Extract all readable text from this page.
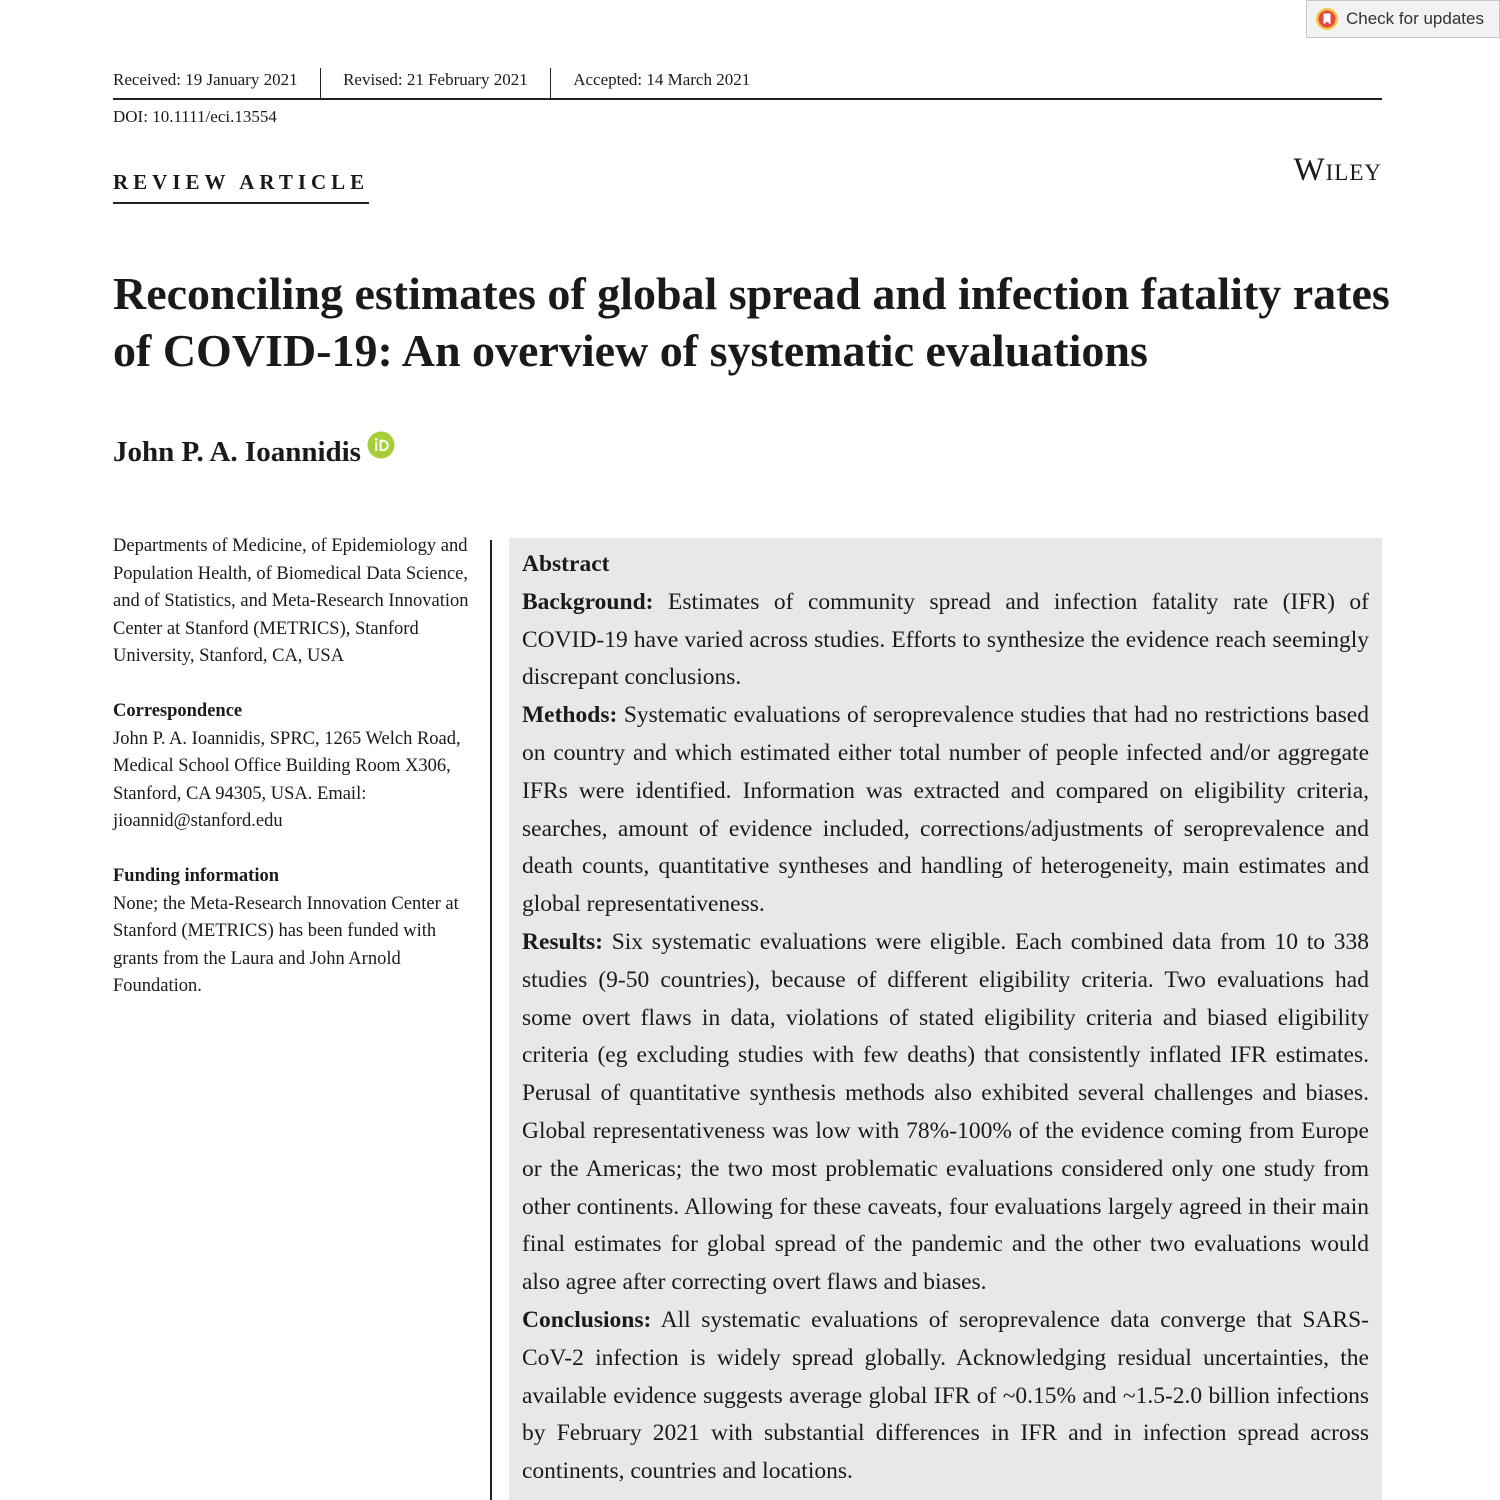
Check for updates
Received: 19 January 2021	Revised: 21 February 2021	Accepted: 14 March 2021
DOI: 10.1111/eci.13554
REVIEW ARTICLE	Wiley
Reconciling estimates of global spread and infection fatality rates of COVID-19: An overview of systematic evaluations
John P. A. Ioannidis

Departments of Medicine, of Epidemiology and Population Health, of Biomedical Data Science, and of Statistics, and Meta-Research Innovation Center at Stanford (METRICS), Stanford University, Stanford, CA, USA

Correspondence

John P. A. Ioannidis, SPRC, 1265 Welch Road, Medical School Office Building Room X306, Stanford, CA 94305, USA. Email: jioannid@stanford.edu

Funding information

None; the Meta-Research Innovation Center at Stanford (METRICS) has been funded with grants from the Laura and John Arnold Foundation.

Abstract

Background: Estimates of community spread and infection fatality rate (IFR) of COVID-19 have varied across studies. Efforts to synthesize the evidence reach seemingly discrepant conclusions.

Methods: Systematic evaluations of seroprevalence studies that had no restrictions based on country and which estimated either total number of people infected and/or aggregate IFRs were identified. Information was extracted and compared on eligibility criteria, searches, amount of evidence included, corrections/adjustments of seroprevalence and death counts, quantitative syntheses and handling of heterogeneity, main estimates and global representativeness.

Results: Six systematic evaluations were eligible. Each combined data from 10 to 338 studies (9-50 countries), because of different eligibility criteria. Two evaluations had some overt flaws in data, violations of stated eligibility criteria and biased eligibility criteria (eg excluding studies with few deaths) that consistently inflated IFR estimates. Perusal of quantitative synthesis methods also exhibited several challenges and biases. Global representativeness was low with 78%-100% of the evidence coming from Europe or the Americas; the two most problematic evaluations considered only one study from other continents. Allowing for these caveats, four evaluations largely agreed in their main final estimates for global spread of the pandemic and the other two evaluations would also agree after correcting overt flaws and biases.

Conclusions: All systematic evaluations of seroprevalence data converge that SARS-CoV-2 infection is widely spread globally. Acknowledging residual uncertainties, the available evidence suggests average global IFR of ~0.15% and ~1.5-2.0 billion infections by February 2021 with substantial differences in IFR and in infection spread across continents, countries and locations.
